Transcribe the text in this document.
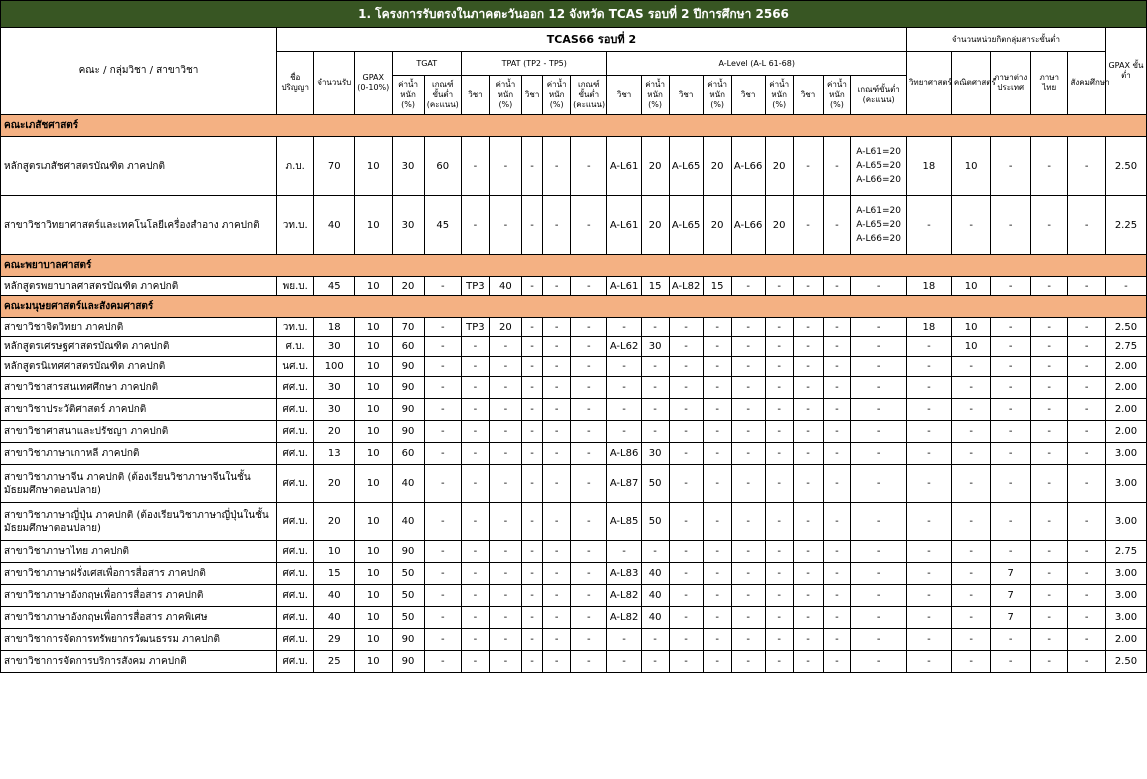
1. โครงการรับตรงในภาคตะวันออก 12 จังหวัด TCAS รอบที่ 2 ปีการศึกษา 2566																									
คณะ / กลุ่มวิชา / สาขาวิชา	TCAS66 รอบที่ 2																			จำนวนหน่วยกิตกลุ่มสาระขั้นต่ำ					GPAX ขั้นต่ำ
	ชื่อปริญญา	จำนวนรับ	GPAX (0-10%)	TGAT		TPAT (TP2 - TP5)					A-Level (A-L 61-68)									วิทยาศาสตร์	คณิตศาสตร์	ภาษาต่างประเทศ	ภาษาไทย	สังคมศึกษา	
				ค่าน้ำหนัก (%)	เกณฑ์ขั้นต่ำ (คะแนน)	วิชา	ค่าน้ำหนัก (%)	วิชา	ค่าน้ำหนัก (%)	เกณฑ์ขั้นต่ำ (คะแนน)	วิชา	ค่าน้ำหนัก (%)	วิชา	ค่าน้ำหนัก (%)	วิชา	ค่าน้ำหนัก (%)	วิชา	ค่าน้ำหนัก (%)	เกณฑ์ขั้นต่ำ (คะแนน)						

คณะเภสัชศาสตร์																									
หลักสูตรเภสัชศาสตรบัณฑิต ภาคปกติ	ภ.บ.	70	10	30	60	-	-	-	-	-	A-L61	20	A-L65	20	A-L66	20	-	-	A-L61=20
A-L65=20
A-L66=20	18	10	-	-	-	2.50
สาขาวิชาวิทยาศาสตร์และเทคโนโลยีเครื่องสำอาง ภาคปกติ	วท.บ.	40	10	30	45	-	-	-	-	-	A-L61	20	A-L65	20	A-L66	20	-	-	A-L61=20
A-L65=20
A-L66=20	-	-	-	-	-	2.25
คณะพยาบาลศาสตร์																									
หลักสูตรพยาบาลศาสตรบัณฑิต ภาคปกติ	พย.บ.	45	10	20	-	TP3	40	-	-	-	A-L61	15	A-L82	15	-	-	-	-	-	18	10	-	-	-	-
คณะมนุษยศาสตร์และสังคมศาสตร์																									
สาขาวิชาจิตวิทยา ภาคปกติ	วท.บ.	18	10	70	-	TP3	20	-	-	-	-	-	-	-	-	-	-	-	-	18	10	-	-	-	2.50
หลักสูตรเศรษฐศาสตรบัณฑิต ภาคปกติ	ศ.บ.	30	10	60	-	-	-	-	-	-	A-L62	30	-	-	-	-	-	-	-	-	10	-	-	-	2.75
หลักสูตรนิเทศศาสตรบัณฑิต ภาคปกติ	นศ.บ.	100	10	90	-	-	-	-	-	-	-	-	-	-	-	-	-	-	-	-	-	-	-	-	2.00
สาขาวิชาสารสนเทศศึกษา ภาคปกติ	ศศ.บ.	30	10	90	-	-	-	-	-	-	-	-	-	-	-	-	-	-	-	-	-	-	-	-	2.00
สาขาวิชาประวัติศาสตร์ ภาคปกติ	ศศ.บ.	30	10	90	-	-	-	-	-	-	-	-	-	-	-	-	-	-	-	-	-	-	-	-	2.00
สาขาวิชาศาสนาและปรัชญา ภาคปกติ	ศศ.บ.	20	10	90	-	-	-	-	-	-	-	-	-	-	-	-	-	-	-	-	-	-	-	-	2.00
สาขาวิชาภาษาเกาหลี ภาคปกติ	ศศ.บ.	13	10	60	-	-	-	-	-	-	A-L86	30	-	-	-	-	-	-	-	-	-	-	-	-	3.00
สาขาวิชาภาษาจีน ภาคปกติ (ต้องเรียนวิชาภาษาจีนในชั้นมัธยมศึกษาตอนปลาย)	ศศ.บ.	20	10	40	-	-	-	-	-	-	A-L87	50	-	-	-	-	-	-	-	-	-	-	-	-	3.00
สาขาวิชาภาษาญี่ปุ่น ภาคปกติ (ต้องเรียนวิชาภาษาญี่ปุ่นในชั้นมัธยมศึกษาตอนปลาย)	ศศ.บ.	20	10	40	-	-	-	-	-	-	A-L85	50	-	-	-	-	-	-	-	-	-	-	-	-	3.00
สาขาวิชาภาษาไทย ภาคปกติ	ศศ.บ.	10	10	90	-	-	-	-	-	-	-	-	-	-	-	-	-	-	-	-	-	-	-	-	2.75
สาขาวิชาภาษาฝรั่งเศสเพื่อการสื่อสาร ภาคปกติ	ศศ.บ.	15	10	50	-	-	-	-	-	-	A-L83	40	-	-	-	-	-	-	-	-	-	7	-	-	3.00
สาขาวิชาภาษาอังกฤษเพื่อการสื่อสาร ภาคปกติ	ศศ.บ.	40	10	50	-	-	-	-	-	-	A-L82	40	-	-	-	-	-	-	-	-	-	7	-	-	3.00
สาขาวิชาภาษาอังกฤษเพื่อการสื่อสาร ภาคพิเศษ	ศศ.บ.	40	10	50	-	-	-	-	-	-	A-L82	40	-	-	-	-	-	-	-	-	-	7	-	-	3.00
สาขาวิชาการจัดการทรัพยากรวัฒนธรรม ภาคปกติ	ศศ.บ.	29	10	90	-	-	-	-	-	-	-	-	-	-	-	-	-	-	-	-	-	-	-	-	2.00
สาขาวิชาการจัดการบริการสังคม ภาคปกติ	ศศ.บ.	25	10	90	-	-	-	-	-	-	-	-	-	-	-	-	-	-	-	-	-	-	-	-	2.50
